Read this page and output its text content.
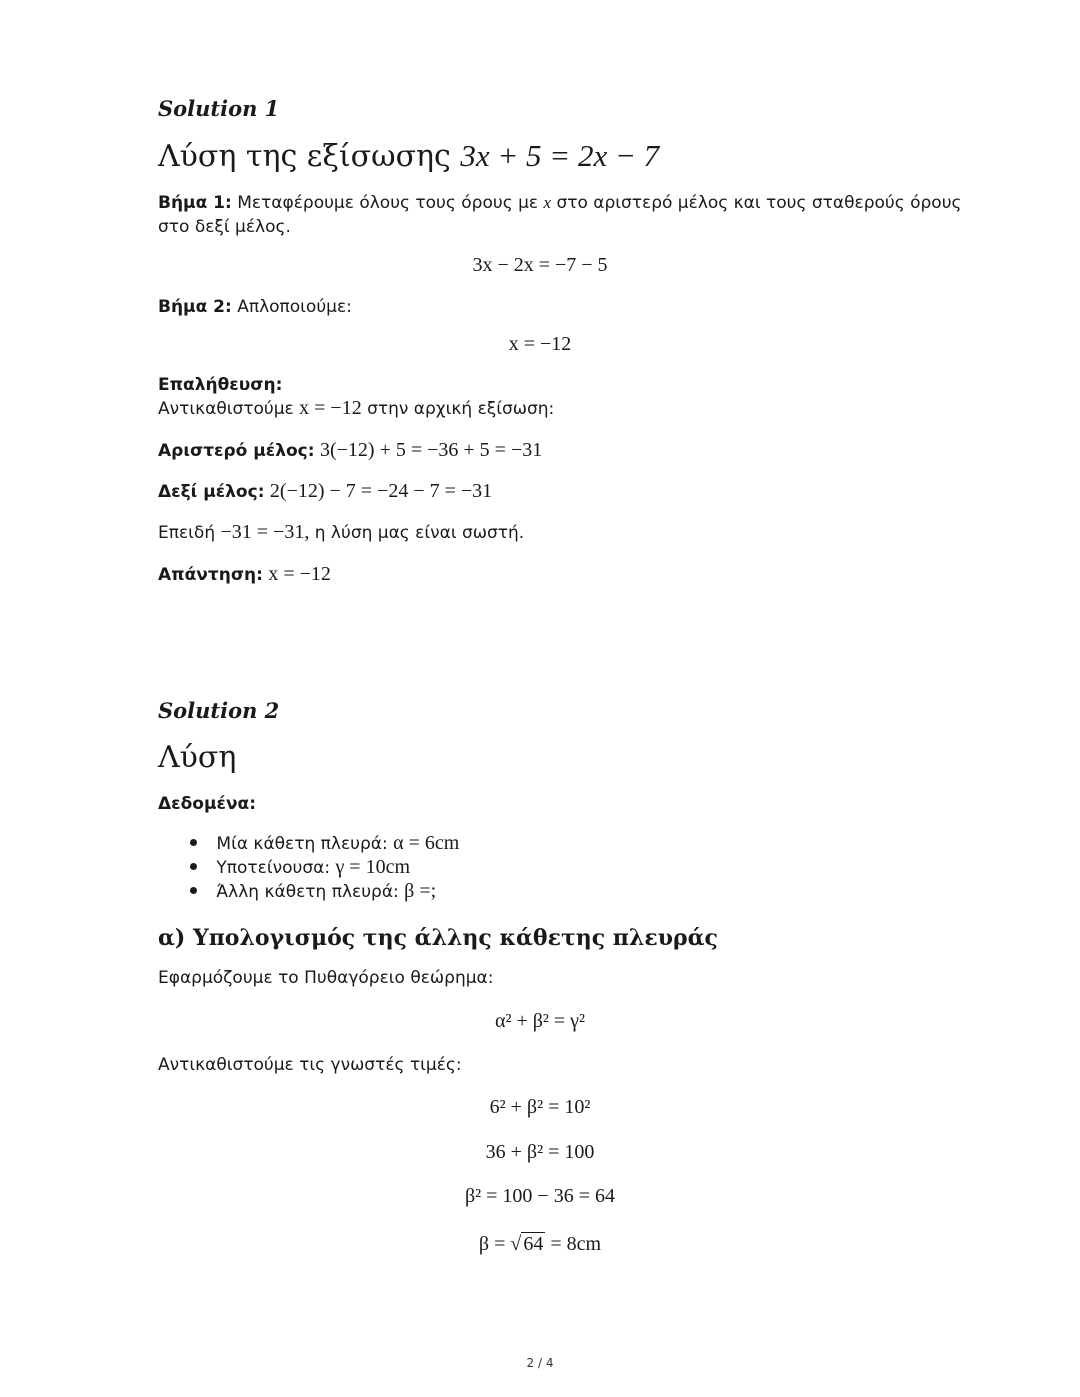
Solution 1
Λύση της εξίσωσης 3x + 5 = 2x − 7
Βήμα 1: Μεταφέρουμε όλους τους όρους με x στο αριστερό μέλος και τους σταθερούς όρους
στο δεξί μέλος.
3x − 2x = −7 − 5
Βήμα 2: Απλοποιούμε:
x = −12
Επαλήθευση:
Αντικαθιστούμε x = −12 στην αρχική εξίσωση:
Αριστερό μέλος: 3(−12) + 5 = −36 + 5 = −31
Δεξί μέλος: 2(−12) − 7 = −24 − 7 = −31
Επειδή −31 = −31, η λύση μας είναι σωστή.
Απάντηση: x = −12
Solution 2
Λύση
Δεδομένα:
Μία κάθετη πλευρά: α = 6cm
Υποτείνουσα: γ = 10cm
Άλλη κάθετη πλευρά: β =;
α) Υπολογισμός της άλλης κάθετης πλευράς
Εφαρμόζουμε το Πυθαγόρειο θεώρημα:
α² + β² = γ²
Αντικαθιστούμε τις γνωστές τιμές:
6² + β² = 10²
36 + β² = 100
β² = 100 − 36 = 64
β = √ 64 = 8cm
2 / 4
